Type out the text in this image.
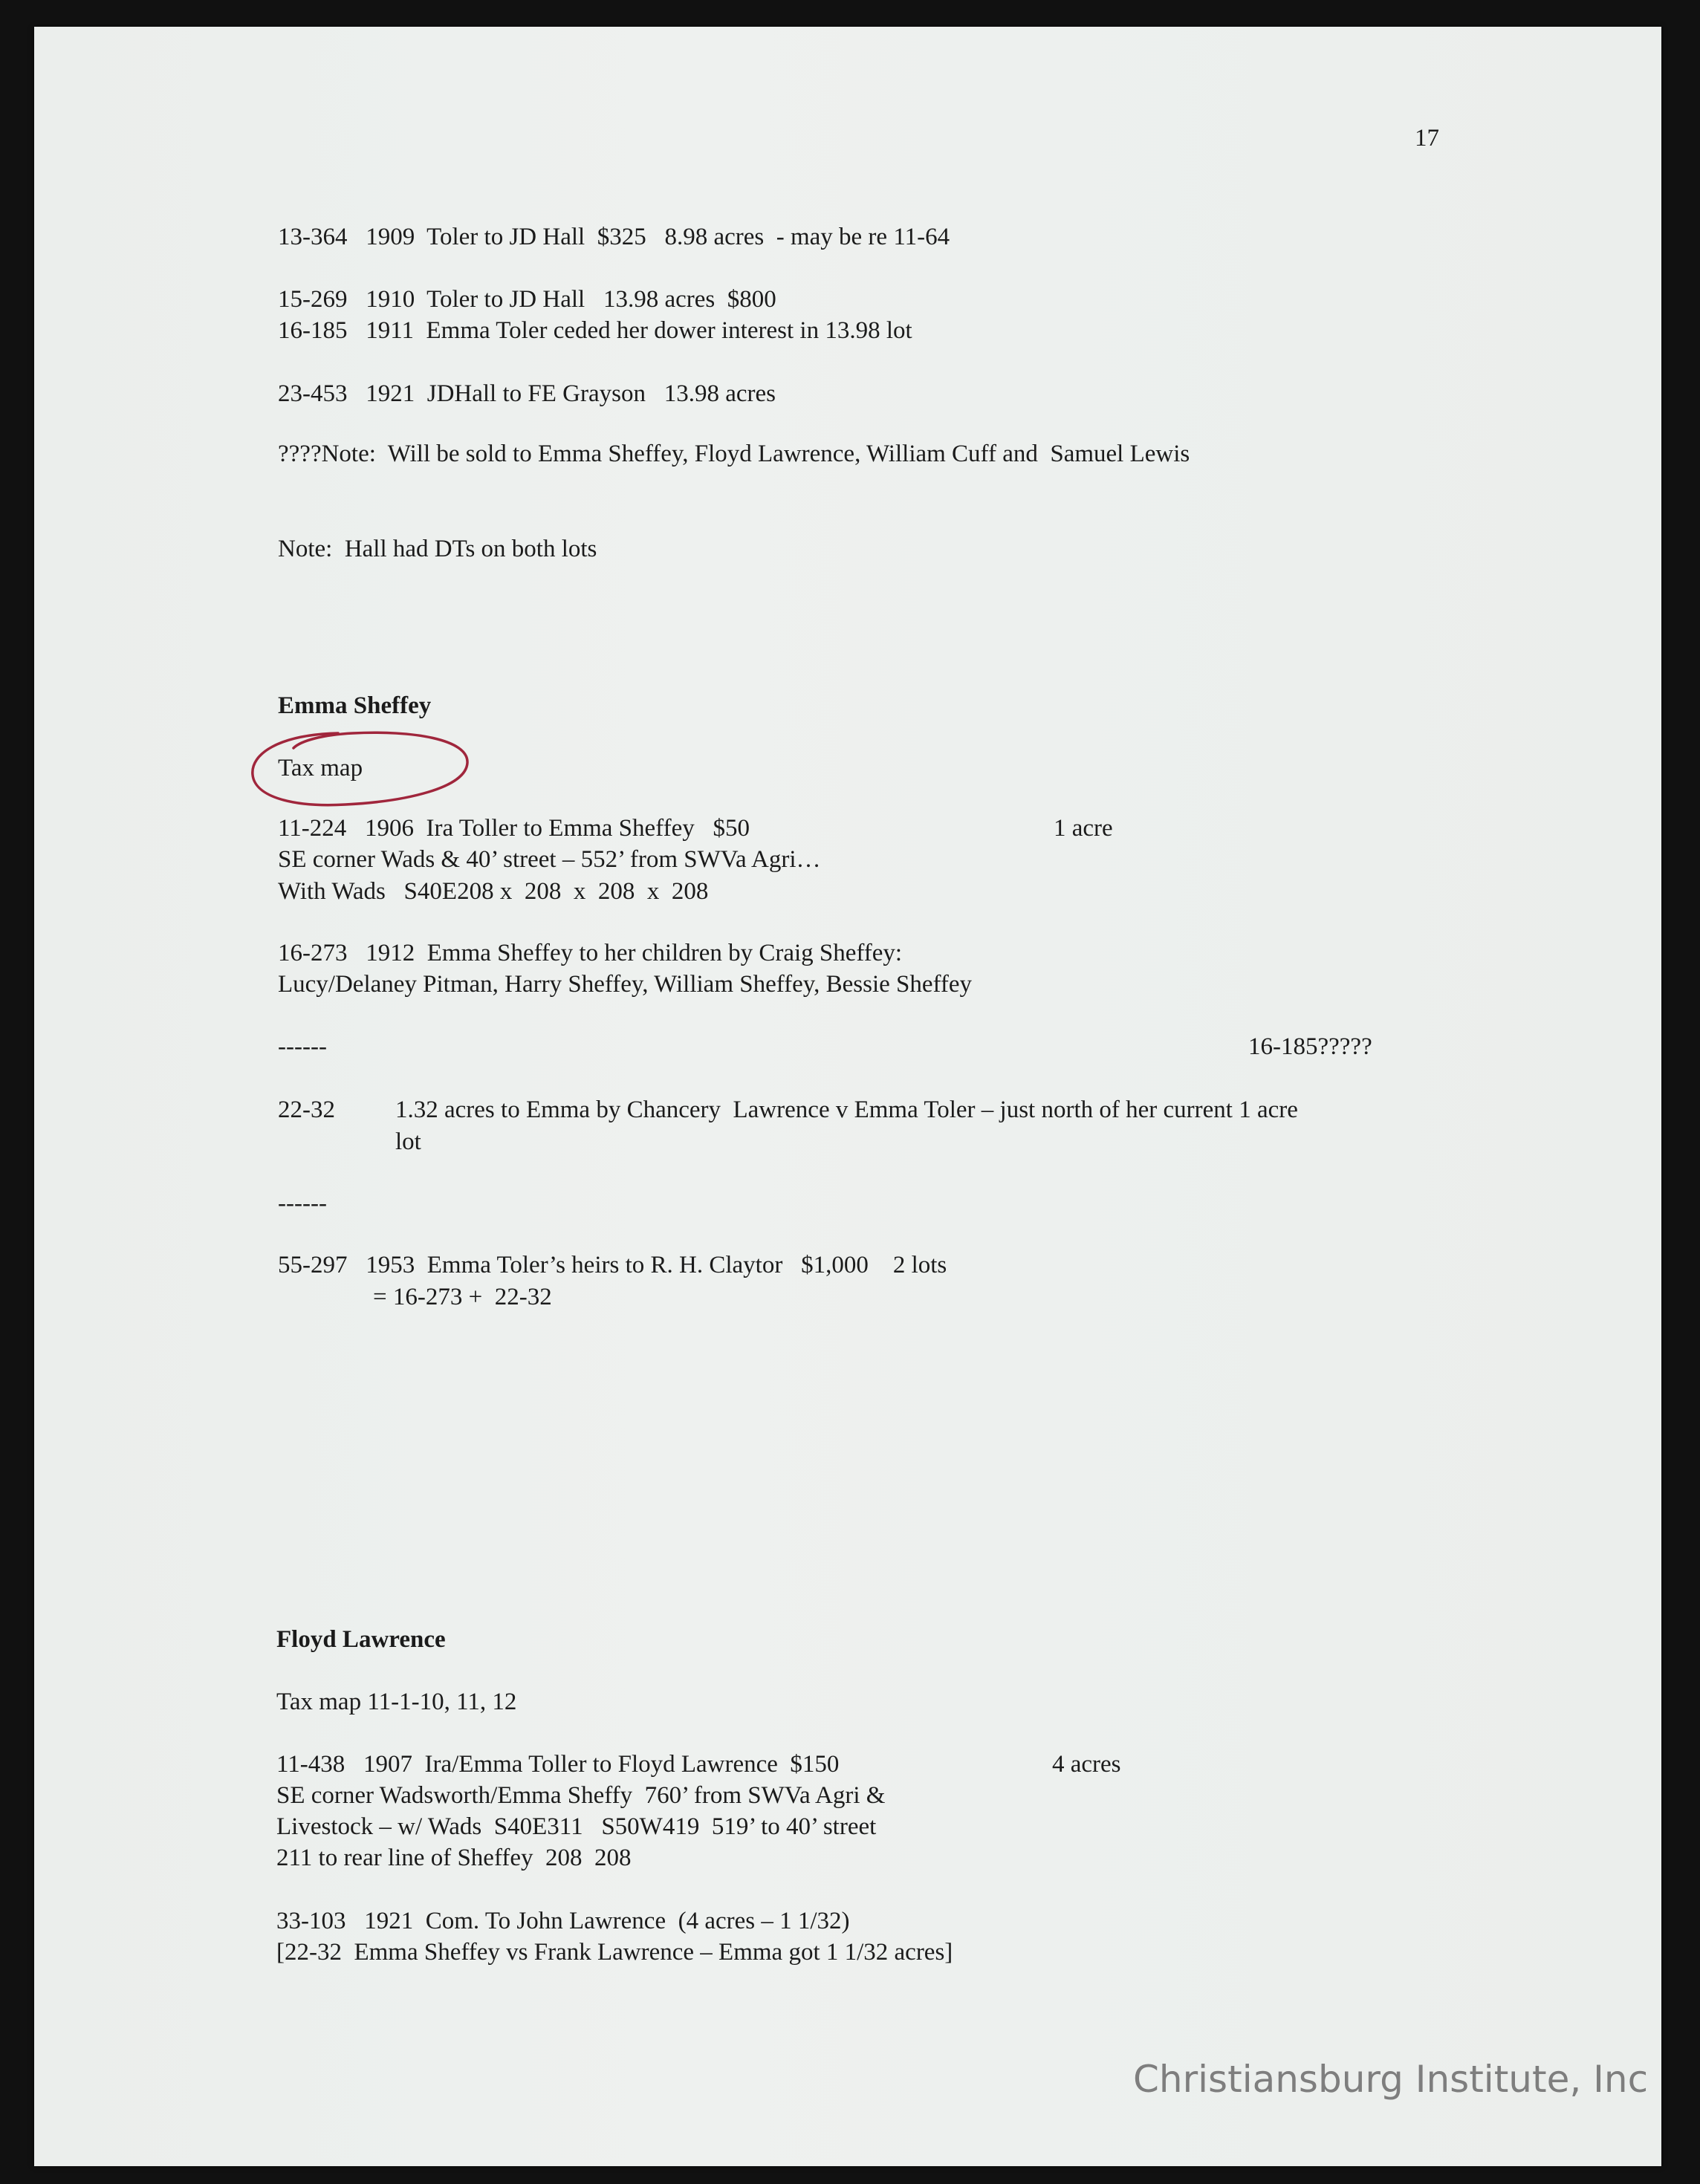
17
13-364   1909  Toler to JD Hall  $325   8.98 acres  - may be re 11-64
15-269   1910  Toler to JD Hall   13.98 acres  $800
16-185   1911  Emma Toler ceded her dower interest in 13.98 lot
23-453   1921  JDHall to FE Grayson   13.98 acres
????Note:  Will be sold to Emma Sheffey, Floyd Lawrence, William Cuff and  Samuel Lewis
Note:  Hall had DTs on both lots
Emma Sheffey
Tax map
11-224   1906  Ira Toller to Emma Sheffey   $50	1 acre
SE corner Wads & 40’ street – 552’ from SWVa Agri…
With Wads   S40E208 x  208  x  208  x  208
16-273   1912  Emma Sheffey to her children by Craig Sheffey:
Lucy/Delaney Pitman, Harry Sheffey, William Sheffey, Bessie Sheffey
------	16-185?????
22-32 1.32 acres to Emma by Chancery  Lawrence v Emma Toler – just north of her current 1 acre
lot
------
55-297   1953  Emma Toler’s heirs to R. H. Claytor   $1,000    2 lots
= 16-273 +  22-32
Floyd Lawrence
Tax map 11-1-10, 11, 12
11-438   1907  Ira/Emma Toller to Floyd Lawrence  $150	4 acres
SE corner Wadsworth/Emma Sheffy  760’ from SWVa Agri &
Livestock – w/ Wads  S40E311   S50W419  519’ to 40’ street
211 to rear line of Sheffey  208  208
33-103   1921  Com. To John Lawrence  (4 acres – 1 1/32)
[22-32  Emma Sheffey vs Frank Lawrence – Emma got 1 1/32 acres]
Christiansburg Institute, Inc
